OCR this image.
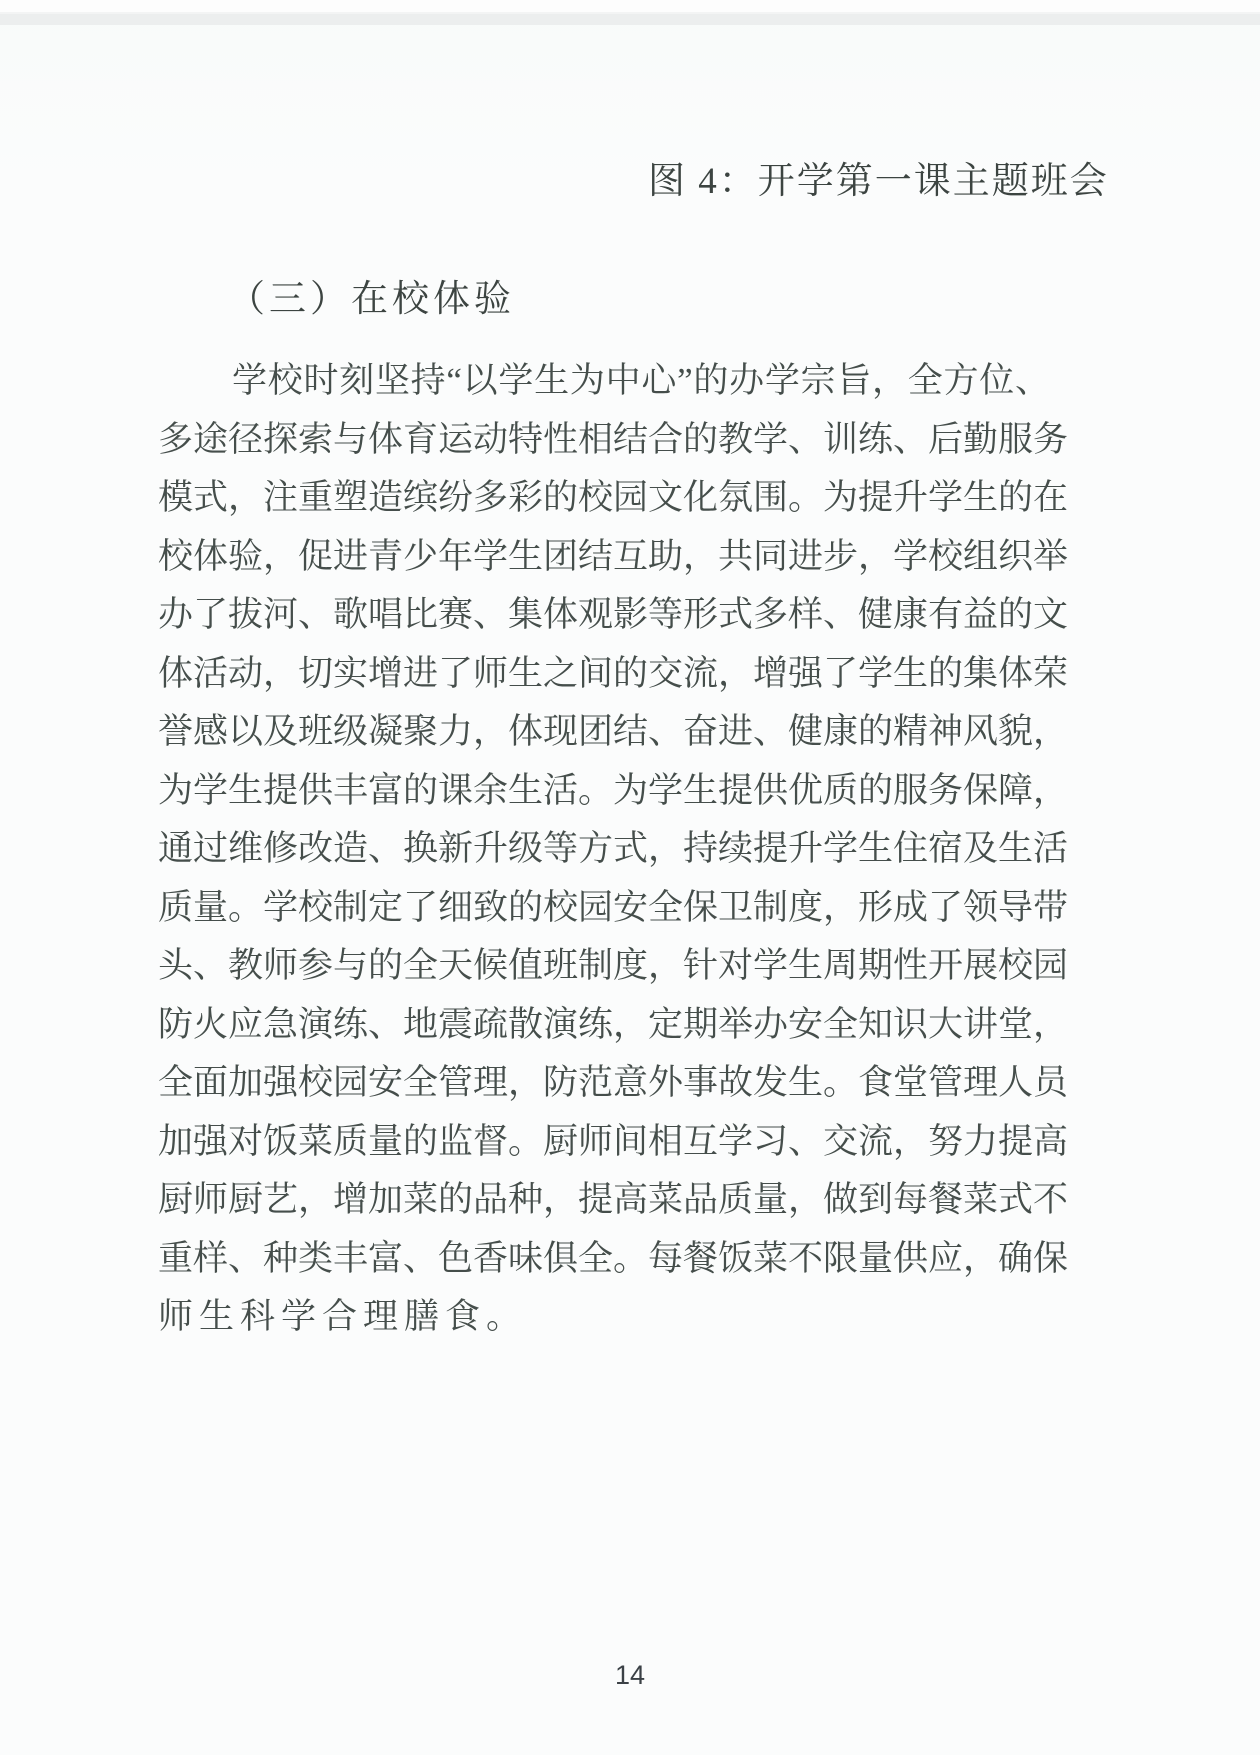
图 4：开学第一课主题班会
（三）在校体验
学校时刻坚持“以学生为中心”的办学宗旨，全方位、
多途径探索与体育运动特性相结合的教学、训练、后勤服务
模式，注重塑造缤纷多彩的校园文化氛围。为提升学生的在
校体验，促进青少年学生团结互助，共同进步，学校组织举
办了拔河、歌唱比赛、集体观影等形式多样、健康有益的文
体活动，切实增进了师生之间的交流，增强了学生的集体荣
誉感以及班级凝聚力，体现团结、奋进、健康的精神风貌，
为学生提供丰富的课余生活。为学生提供优质的服务保障，
通过维修改造、换新升级等方式，持续提升学生住宿及生活
质量。学校制定了细致的校园安全保卫制度，形成了领导带
头、教师参与的全天候值班制度，针对学生周期性开展校园
防火应急演练、地震疏散演练，定期举办安全知识大讲堂，
全面加强校园安全管理，防范意外事故发生。食堂管理人员
加强对饭菜质量的监督。厨师间相互学习、交流，努力提高
厨师厨艺，增加菜的品种，提高菜品质量，做到每餐菜式不
重样、种类丰富、色香味俱全。每餐饭菜不限量供应，确保
师生科学合理膳食。
14
